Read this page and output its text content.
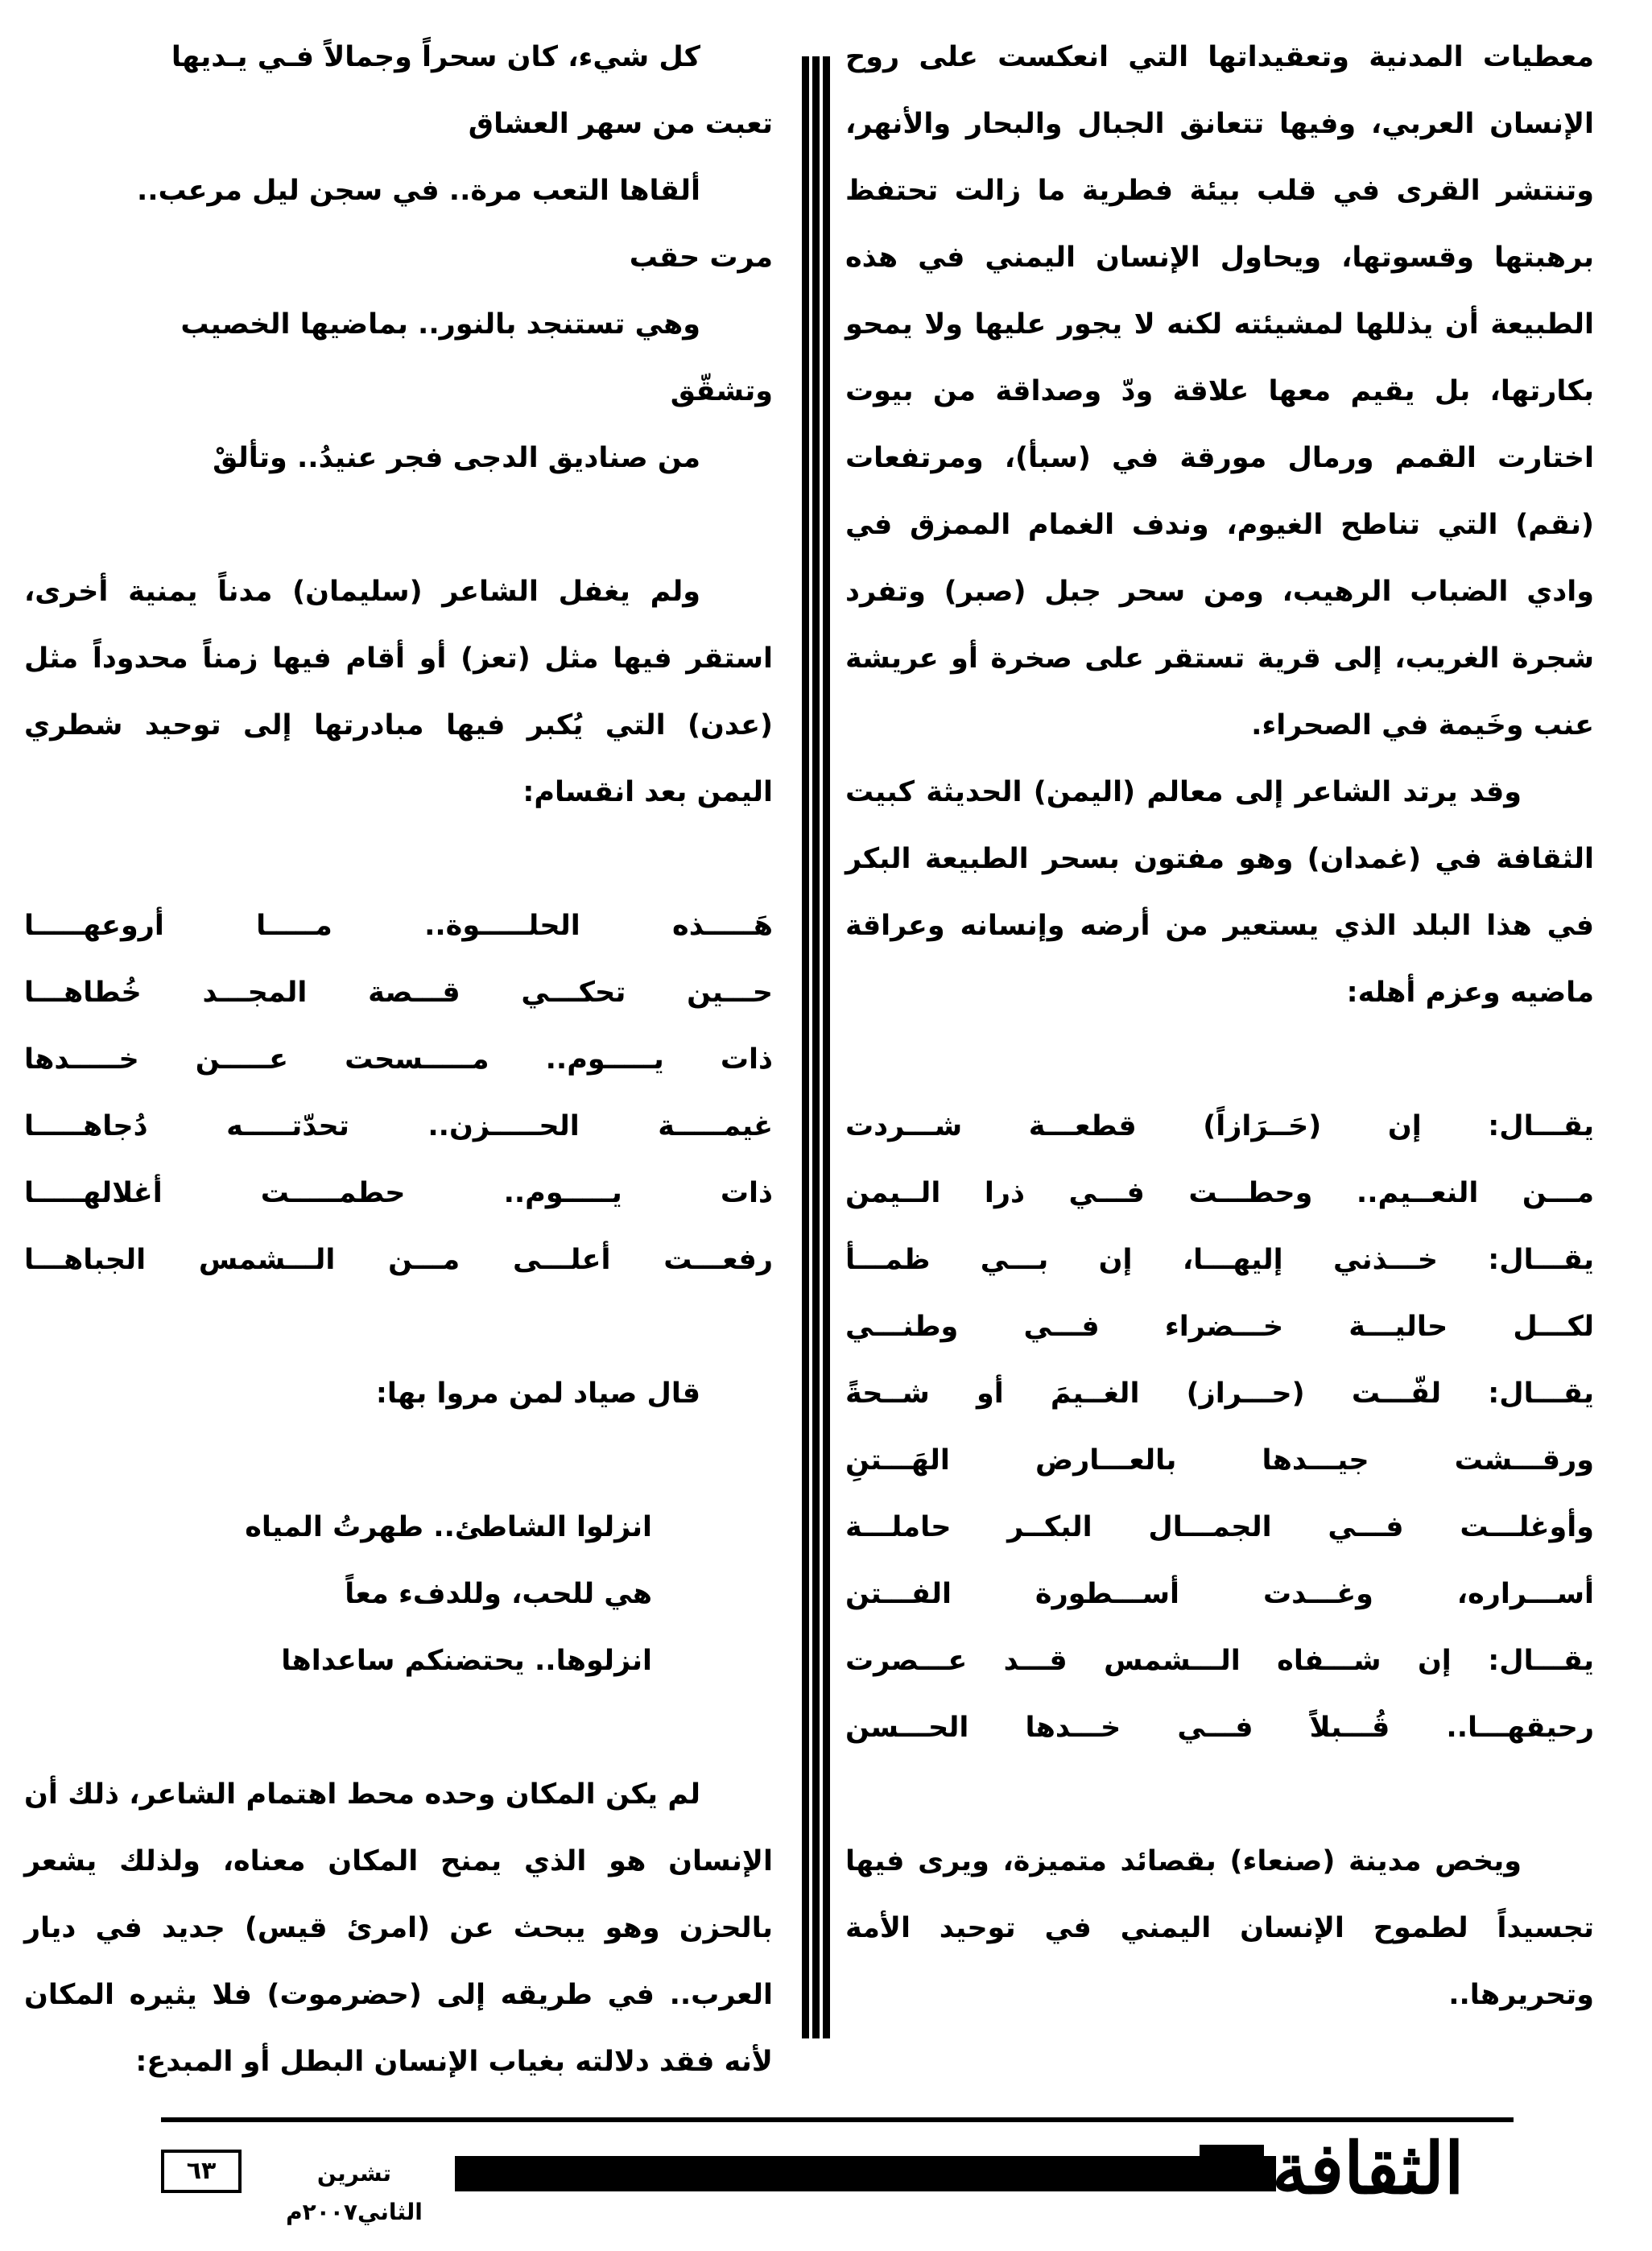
معطيات المدنية وتعقيداتها التي انعكست على روح الإنسان العربي، وفيها تتعانق الجبال والبحار والأنهر، وتنتشر القرى في قلب بيئة فطرية ما زالت تحتفظ برهبتها وقسوتها، ويحاول الإنسان اليمني في هذه الطبيعة أن يذللها لمشيئته لكنه لا يجور عليها ولا يمحو بكارتها، بل يقيم معها علاقة ودّ وصداقة من بيوت اختارت القمم ورمال مورقة في (سبأ)، ومرتفعات (نقم) التي تناطح الغيوم، وندف الغمام الممزق في وادي الضباب الرهيب، ومن سحر جبل (صبر) وتفرد شجرة الغريب، إلى قرية تستقر على صخرة أو عريشة عنب وخَيمة في الصحراء.

وقد يرتد الشاعر إلى معالم (اليمن) الحديثة كبيت الثقافة في (غمدان) وهو مفتون بسحر الطبيعة البكر في هذا البلد الذي يستعير من أرضه وإنسانه وعراقة ماضيه وعزم أهله:

يقـــال: إن (حَــرَازاً) قطعـــة شـــردت

مـــن النعــيم.. وحطـــت فـــي ذرا الــيمن

يقـــال: خـــذني إليهـــا، إن بـــي ظمـــأ

لكـــل حاليـــة خـــضراء فـــي وطنـــي

يقـــال: لفّـــت (حـــراز) الغــيمَ أو شــحةً

ورقـــشت جيـــدها بالعـــارض الهَـــتنِ

وأوغلـــت فـــي الجمـــال البكــر حاملـــة

أســـراره، وغـــدت أســـطورة الفـــتن

يقـــال: إن شـــفاه الـــشمس قـــد عـــصرت

رحيقهـــا.. قُـــبلاً فـــي خـــدها الحـــسن

ويخص مدينة (صنعاء) بقصائد متميزة، ويرى فيها تجسيداً لطموح الإنسان اليمني في توحيد الأمة وتحريرها..

كل شيء، كان سحراً وجمالاً فـي يـديها

تعبت من سهر العشاق

ألقاها التعب مرة.. في سجن ليل مرعب..

مرت حقب

وهي تستنجد بالنور.. بماضيها الخصيب

وتشقّق

من صناديق الدجى فجر عنيدُ.. وتألقْ

ولم يغفل الشاعر (سليمان) مدناً يمنية أخرى، استقر فيها مثل (تعز) أو أقام فيها زمناً محدوداً مثل (عدن) التي يُكبر فيها مبادرتها إلى توحيد شطري اليمن بعد انقسام:

هَـــــذه الحلـــــوة.. مـــــا أروعهـــــا

حـــين تحكـــي قـــصة المجـــد خُطاهـــا

ذات يـــــوم.. مـــــسحت عـــــن خـــــدها

غيمـــــة الحـــــزن.. تحدّتـــــه دُجاهـــــا

ذات يـــــوم.. حطمـــــت أغلالهـــــا

رفعـــت أعلـــى مـــن الـــشمس الجباهـــا

قال صياد لمن مروا بها:

انزلوا الشاطئ.. طهرتُ المياه

هي للحب، وللدفء معاً

انزلوها.. يحتضنكم ساعداها

لم يكن المكان وحده محط اهتمام الشاعر، ذلك أن الإنسان هو الذي يمنح المكان معناه، ولذلك يشعر بالحزن وهو يبحث عن (امرئ قيس) جديد في ديار العرب.. في طريقه إلى (حضرموت) فلا يثيره المكان لأنه فقد دلالته بغياب الإنسان البطل أو المبدع:

الثقافة
تشرين الثاني٢٠٠٧م
٦٣
